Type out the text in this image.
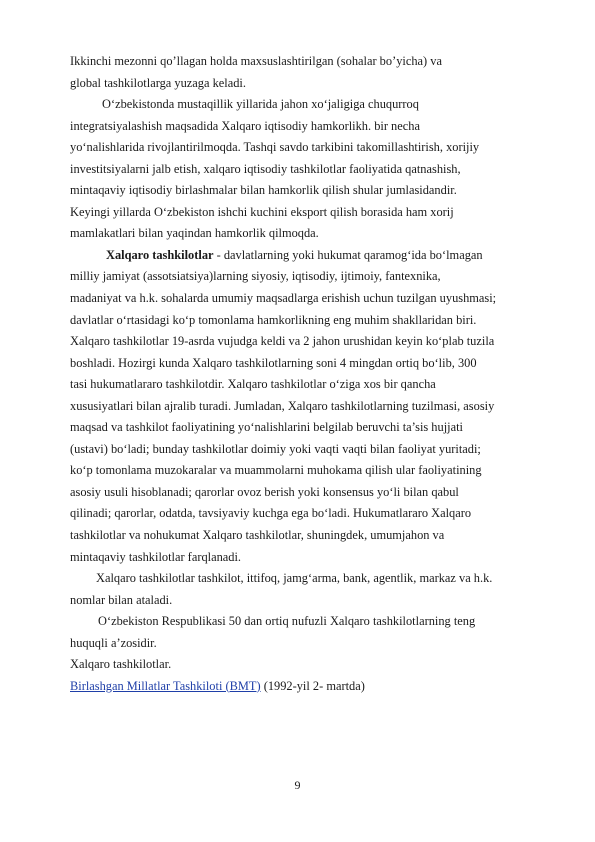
Ikkinchi mezonni qo’llagan holda maxsuslashtirilgan (sohalar bo’yicha) va
global tashkilotlarga yuzaga keladi.
O‘zbekistonda mustaqillik yillarida jahon xo‘jaligiga chuqurroq
integratsiyalashish maqsadida Xalqaro iqtisodiy hamkorlikh. bir necha
yo‘nalishlarida rivojlantirilmoqda. Tashqi savdo tarkibini takomillashtirish, xorijiy
investitsiyalarni jalb etish, xalqaro iqtisodiy tashkilotlar faoliyatida qatnashish,
mintaqaviy iqtisodiy birlashmalar bilan hamkorlik qilish shular jumlasidandir.
Keyingi yillarda O‘zbekiston ishchi kuchini eksport qilish borasida ham xorij
mamlakatlari bilan yaqindan hamkorlik qilmoqda.
Xalqaro tashkilotlar - davlatlarning yoki hukumat qaramog‘ida bo‘lmagan
milliy jamiyat (assotsiatsiya)larning siyosiy, iqtisodiy, ijtimoiy, fantexnika,
madaniyat va h.k. sohalarda umumiy maqsadlarga erishish uchun tuzilgan uyushmasi;
davlatlar o‘rtasidagi ko‘p tomonlama hamkorlikning eng muhim shakllaridan biri.
Xalqaro tashkilotlar 19-asrda vujudga keldi va 2 jahon urushidan keyin ko‘plab tuzila
boshladi. Hozirgi kunda Xalqaro tashkilotlarning soni 4 mingdan ortiq bo‘lib, 300
tasi hukumatlararo tashkilotdir. Xalqaro tashkilotlar o‘ziga xos bir qancha
xususiyatlari bilan ajralib turadi. Jumladan, Xalqaro tashkilotlarning tuzilmasi, asosiy
maqsad va tashkilot faoliyatining yo‘nalishlarini belgilab beruvchi ta’sis hujjati
(ustavi) bo‘ladi; bunday tashkilotlar doimiy yoki vaqti vaqti bilan faoliyat yuritadi;
ko‘p tomonlama muzokaralar va muammolarni muhokama qilish ular faoliyatining
asosiy usuli hisoblanadi; qarorlar ovoz berish yoki konsensus yo‘li bilan qabul
qilinadi; qarorlar, odatda, tavsiyaviy kuchga ega bo‘ladi. Hukumatlararo Xalqaro
tashkilotlar va nohukumat Xalqaro tashkilotlar, shuningdek, umumjahon va
mintaqaviy tashkilotlar farqlanadi.
Xalqaro tashkilotlar tashkilot, ittifoq, jamg‘arma, bank, agentlik, markaz va h.k.
nomlar bilan ataladi.
O‘zbekiston Respublikasi 50 dan ortiq nufuzli Xalqaro tashkilotlarning teng
huquqli a’zosidir.
Xalqaro tashkilotlar.
Birlashgan Millatlar Tashkiloti (BMT) (1992-yil 2- martda)
9
